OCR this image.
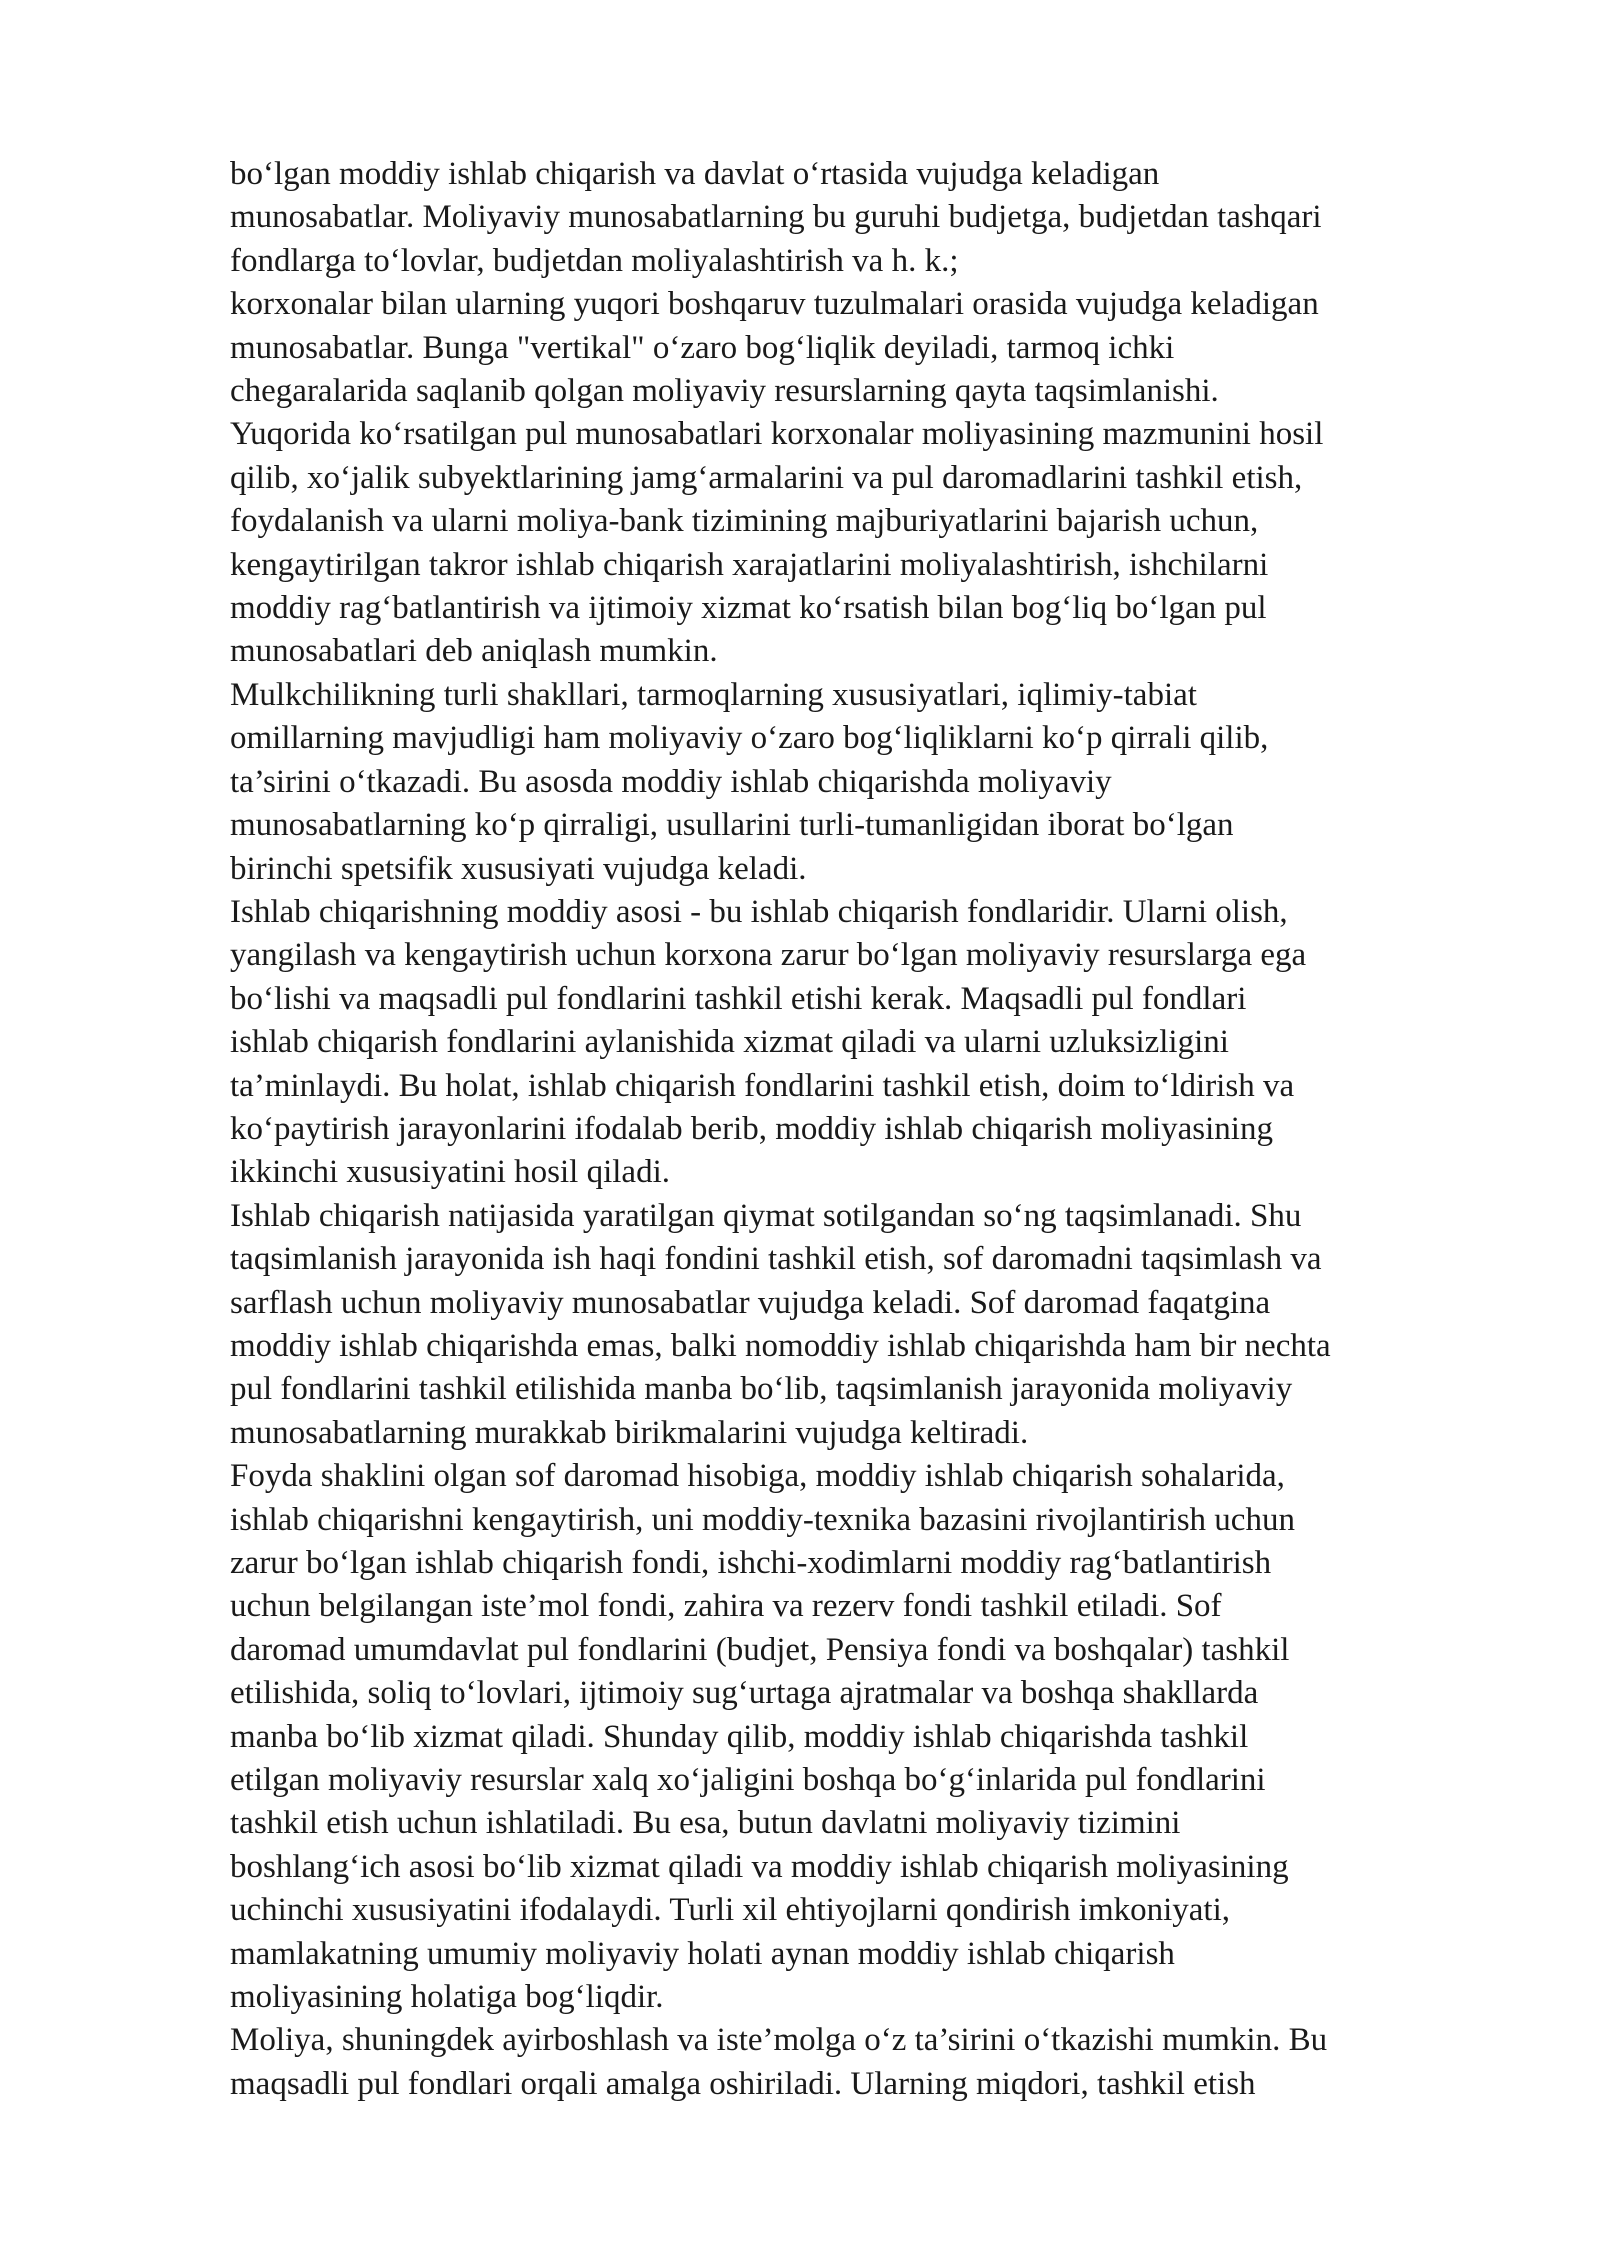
bo‘lgan moddiy ishlab chiqarish va davlat o‘rtasida vujudga keladigan
munosabatlar. Moliyaviy munosabatlarning bu guruhi budjetga, budjetdan tashqari
fondlarga to‘lovlar, budjetdan moliyalashtirish va h. k.;
korxonalar bilan ularning yuqori boshqaruv tuzulmalari orasida vujudga keladigan
munosabatlar. Bunga "vertikal" o‘zaro bog‘liqlik deyiladi, tarmoq ichki
chegaralarida saqlanib qolgan moliyaviy resurslarning qayta taqsimlanishi.
Yuqorida ko‘rsatilgan pul munosabatlari korxonalar moliyasining mazmunini hosil
qilib, xo‘jalik subyektlarining jamg‘armalarini va pul daromadlarini tashkil etish,
foydalanish va ularni moliya-bank tizimining majburiyatlarini bajarish uchun,
kengaytirilgan takror ishlab chiqarish xarajatlarini moliyalashtirish, ishchilarni
moddiy rag‘batlantirish va ijtimoiy xizmat ko‘rsatish bilan bog‘liq bo‘lgan pul
munosabatlari deb aniqlash mumkin.
Mulkchilikning turli shakllari, tarmoqlarning xususiyatlari, iqlimiy-tabiat
omillarning mavjudligi ham moliyaviy o‘zaro bog‘liqliklarni ko‘p qirrali qilib,
ta’sirini o‘tkazadi. Bu asosda moddiy ishlab chiqarishda moliyaviy
munosabatlarning ko‘p qirraligi, usullarini turli-tumanligidan iborat bo‘lgan
birinchi spetsifik xususiyati vujudga keladi.
Ishlab chiqarishning moddiy asosi - bu ishlab chiqarish fondlaridir. Ularni olish,
yangilash va kengaytirish uchun korxona zarur bo‘lgan moliyaviy resurslarga ega
bo‘lishi va maqsadli pul fondlarini tashkil etishi kerak. Maqsadli pul fondlari
ishlab chiqarish fondlarini aylanishida xizmat qiladi va ularni uzluksizligini
ta’minlaydi. Bu holat, ishlab chiqarish fondlarini tashkil etish, doim to‘ldirish va
ko‘paytirish jarayonlarini ifodalab berib, moddiy ishlab chiqarish moliyasining
ikkinchi xususiyatini hosil qiladi.
Ishlab chiqarish natijasida yaratilgan qiymat sotilgandan so‘ng taqsimlanadi. Shu
taqsimlanish jarayonida ish haqi fondini tashkil etish, sof daromadni taqsimlash va
sarflash uchun moliyaviy munosabatlar vujudga keladi. Sof daromad faqatgina
moddiy ishlab chiqarishda emas, balki nomoddiy ishlab chiqarishda ham bir nechta
pul fondlarini tashkil etilishida manba bo‘lib, taqsimlanish jarayonida moliyaviy
munosabatlarning murakkab birikmalarini vujudga keltiradi.
Foyda shaklini olgan sof daromad hisobiga, moddiy ishlab chiqarish sohalarida,
ishlab chiqarishni kengaytirish, uni moddiy-texnika bazasini rivojlantirish uchun
zarur bo‘lgan ishlab chiqarish fondi, ishchi-xodimlarni moddiy rag‘batlantirish
uchun belgilangan iste’mol fondi, zahira va rezerv fondi tashkil etiladi. Sof
daromad umumdavlat pul fondlarini (budjet, Pensiya fondi va boshqalar) tashkil
etilishida, soliq to‘lovlari, ijtimoiy sug‘urtaga ajratmalar va boshqa shakllarda
manba bo‘lib xizmat qiladi. Shunday qilib, moddiy ishlab chiqarishda tashkil
etilgan moliyaviy resurslar xalq xo‘jaligini boshqa bo‘g‘inlarida pul fondlarini
tashkil etish uchun ishlatiladi. Bu esa, butun davlatni moliyaviy tizimini
boshlang‘ich asosi bo‘lib xizmat qiladi va moddiy ishlab chiqarish moliyasining
uchinchi xususiyatini ifodalaydi. Turli xil ehtiyojlarni qondirish imkoniyati,
mamlakatning umumiy moliyaviy holati aynan moddiy ishlab chiqarish
moliyasining holatiga bog‘liqdir.
Moliya, shuningdek ayirboshlash va iste’molga o‘z ta’sirini o‘tkazishi mumkin. Bu
maqsadli pul fondlari orqali amalga oshiriladi. Ularning miqdori, tashkil etish
